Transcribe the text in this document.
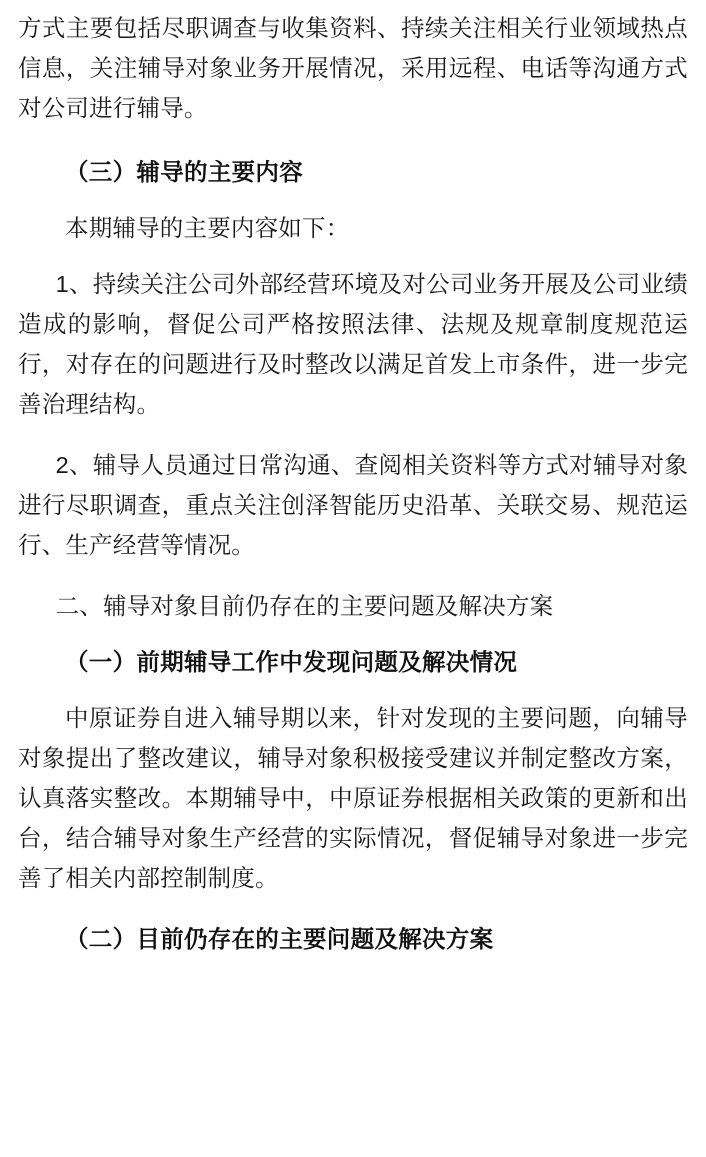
方式主要包括尽职调查与收集资料、持续关注相关行业领域热点信息，关注辅导对象业务开展情况，采用远程、电话等沟通方式对公司进行辅导。

（三）辅导的主要内容

本期辅导的主要内容如下：

1、持续关注公司外部经营环境及对公司业务开展及公司业绩造成的影响，督促公司严格按照法律、法规及规章制度规范运行，对存在的问题进行及时整改以满足首发上市条件，进一步完善治理结构。

2、辅导人员通过日常沟通、查阅相关资料等方式对辅导对象进行尽职调查，重点关注创泽智能历史沿革、关联交易、规范运行、生产经营等情况。

二、辅导对象目前仍存在的主要问题及解决方案

（一）前期辅导工作中发现问题及解决情况

中原证券自进入辅导期以来，针对发现的主要问题，向辅导对象提出了整改建议，辅导对象积极接受建议并制定整改方案，认真落实整改。本期辅导中，中原证券根据相关政策的更新和出台，结合辅导对象生产经营的实际情况，督促辅导对象进一步完善了相关内部控制制度。

（二）目前仍存在的主要问题及解决方案
